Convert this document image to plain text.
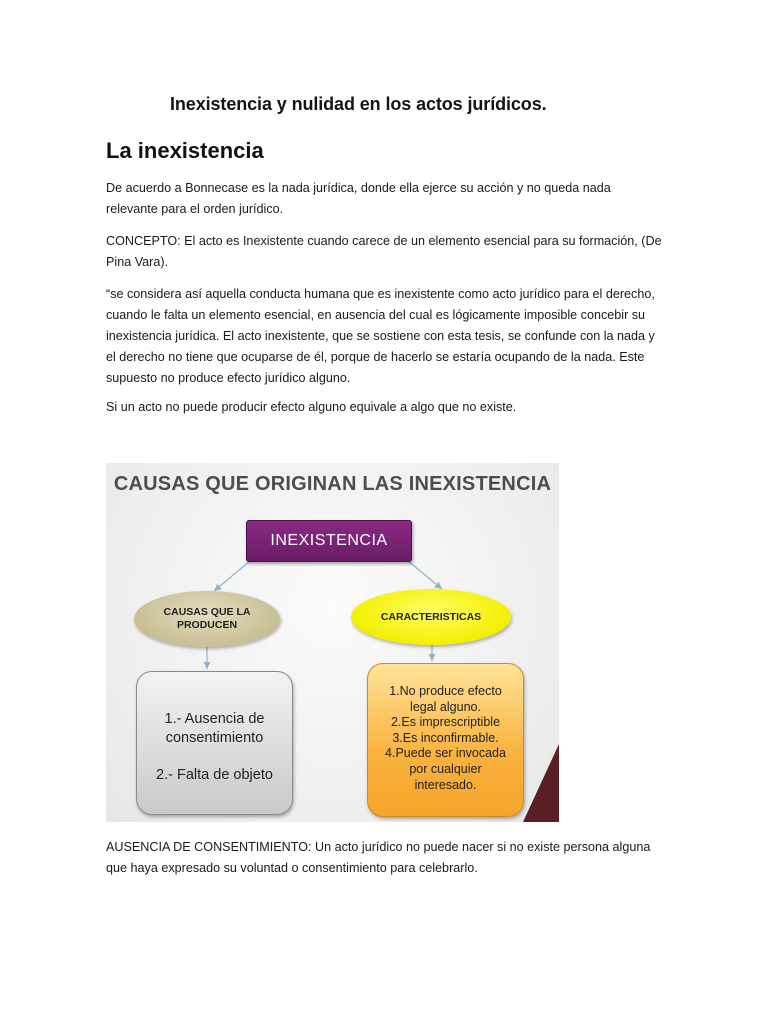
Inexistencia y nulidad en los actos jurídicos.
La inexistencia

De acuerdo a Bonnecase es la nada jurídica, donde ella ejerce su acción y no queda nada relevante para el orden jurídico.

CONCEPTO: El acto es Inexistente cuando carece de un elemento esencial para su formación, (De Pina Vara).

“se considera así aquella conducta humana que es inexistente como acto jurídico para el derecho, cuando le falta un elemento esencial, en ausencia del cual es lógicamente imposible concebir su inexistencia jurídica. El acto inexistente, que se sostiene con esta tesis, se confunde con la nada y el derecho no tiene que ocuparse de él, porque de hacerlo se estaría ocupando de la nada. Este supuesto no produce efecto jurídico alguno.

Si un acto no puede producir efecto alguno equivale a algo que no existe.

CAUSAS QUE ORIGINAN LAS INEXISTENCIA
INEXISTENCIA
CAUSAS QUE LA
PRODUCEN
CARACTERISTICAS
1.- Ausencia de
consentimiento
2.- Falta de objeto
1.No produce efecto
legal alguno.
2.Es imprescriptible
3.Es inconfirmable.
4.Puede ser invocada
por cualquier
interesado.

AUSENCIA DE CONSENTIMIENTO: Un acto jurídico no puede nacer si no existe persona alguna que haya expresado su voluntad o consentimiento para celebrarlo.
